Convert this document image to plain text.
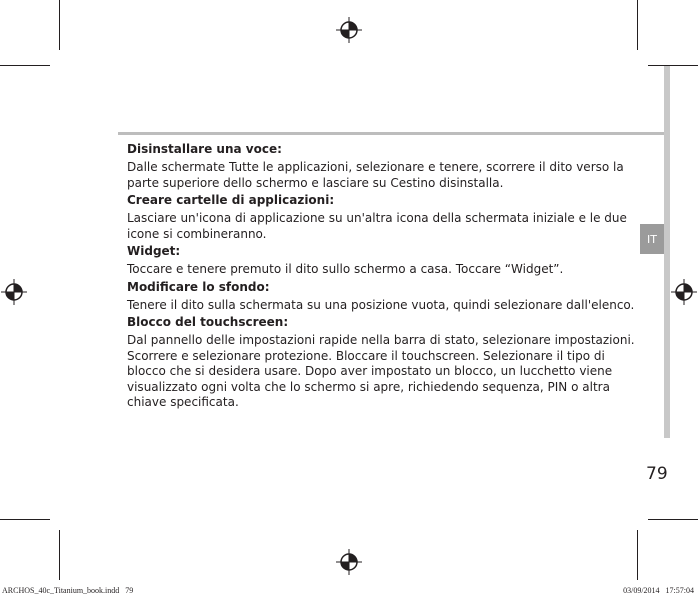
IT

Disinstallare una voce:

Dalle schermate Tutte le applicazioni, selezionare e tenere, scorrere il dito verso la parte superiore dello schermo e lasciare su Cestino disinstalla.

Creare cartelle di applicazioni:

Lasciare un'icona di applicazione su un'altra icona della schermata iniziale e le due icone si combineranno.

Widget:

Toccare e tenere premuto il dito sullo schermo a casa. Toccare “Widget”.

Modificare lo sfondo:

Tenere il dito sulla schermata su una posizione vuota, quindi selezionare dall'elenco.

Blocco del touchscreen:

Dal pannello delle impostazioni rapide nella barra di stato, selezionare impostazioni. Scorrere e selezionare protezione. Bloccare il touchscreen. Selezionare il tipo di blocco che si desidera usare. Dopo aver impostato un blocco, un lucchetto viene visualizzato ogni volta che lo schermo si apre, richiedendo sequenza, PIN o altra chiave specificata.

79
ARCHOS_40c_Titanium_book.indd   79	03/09/2014   17:57:04
